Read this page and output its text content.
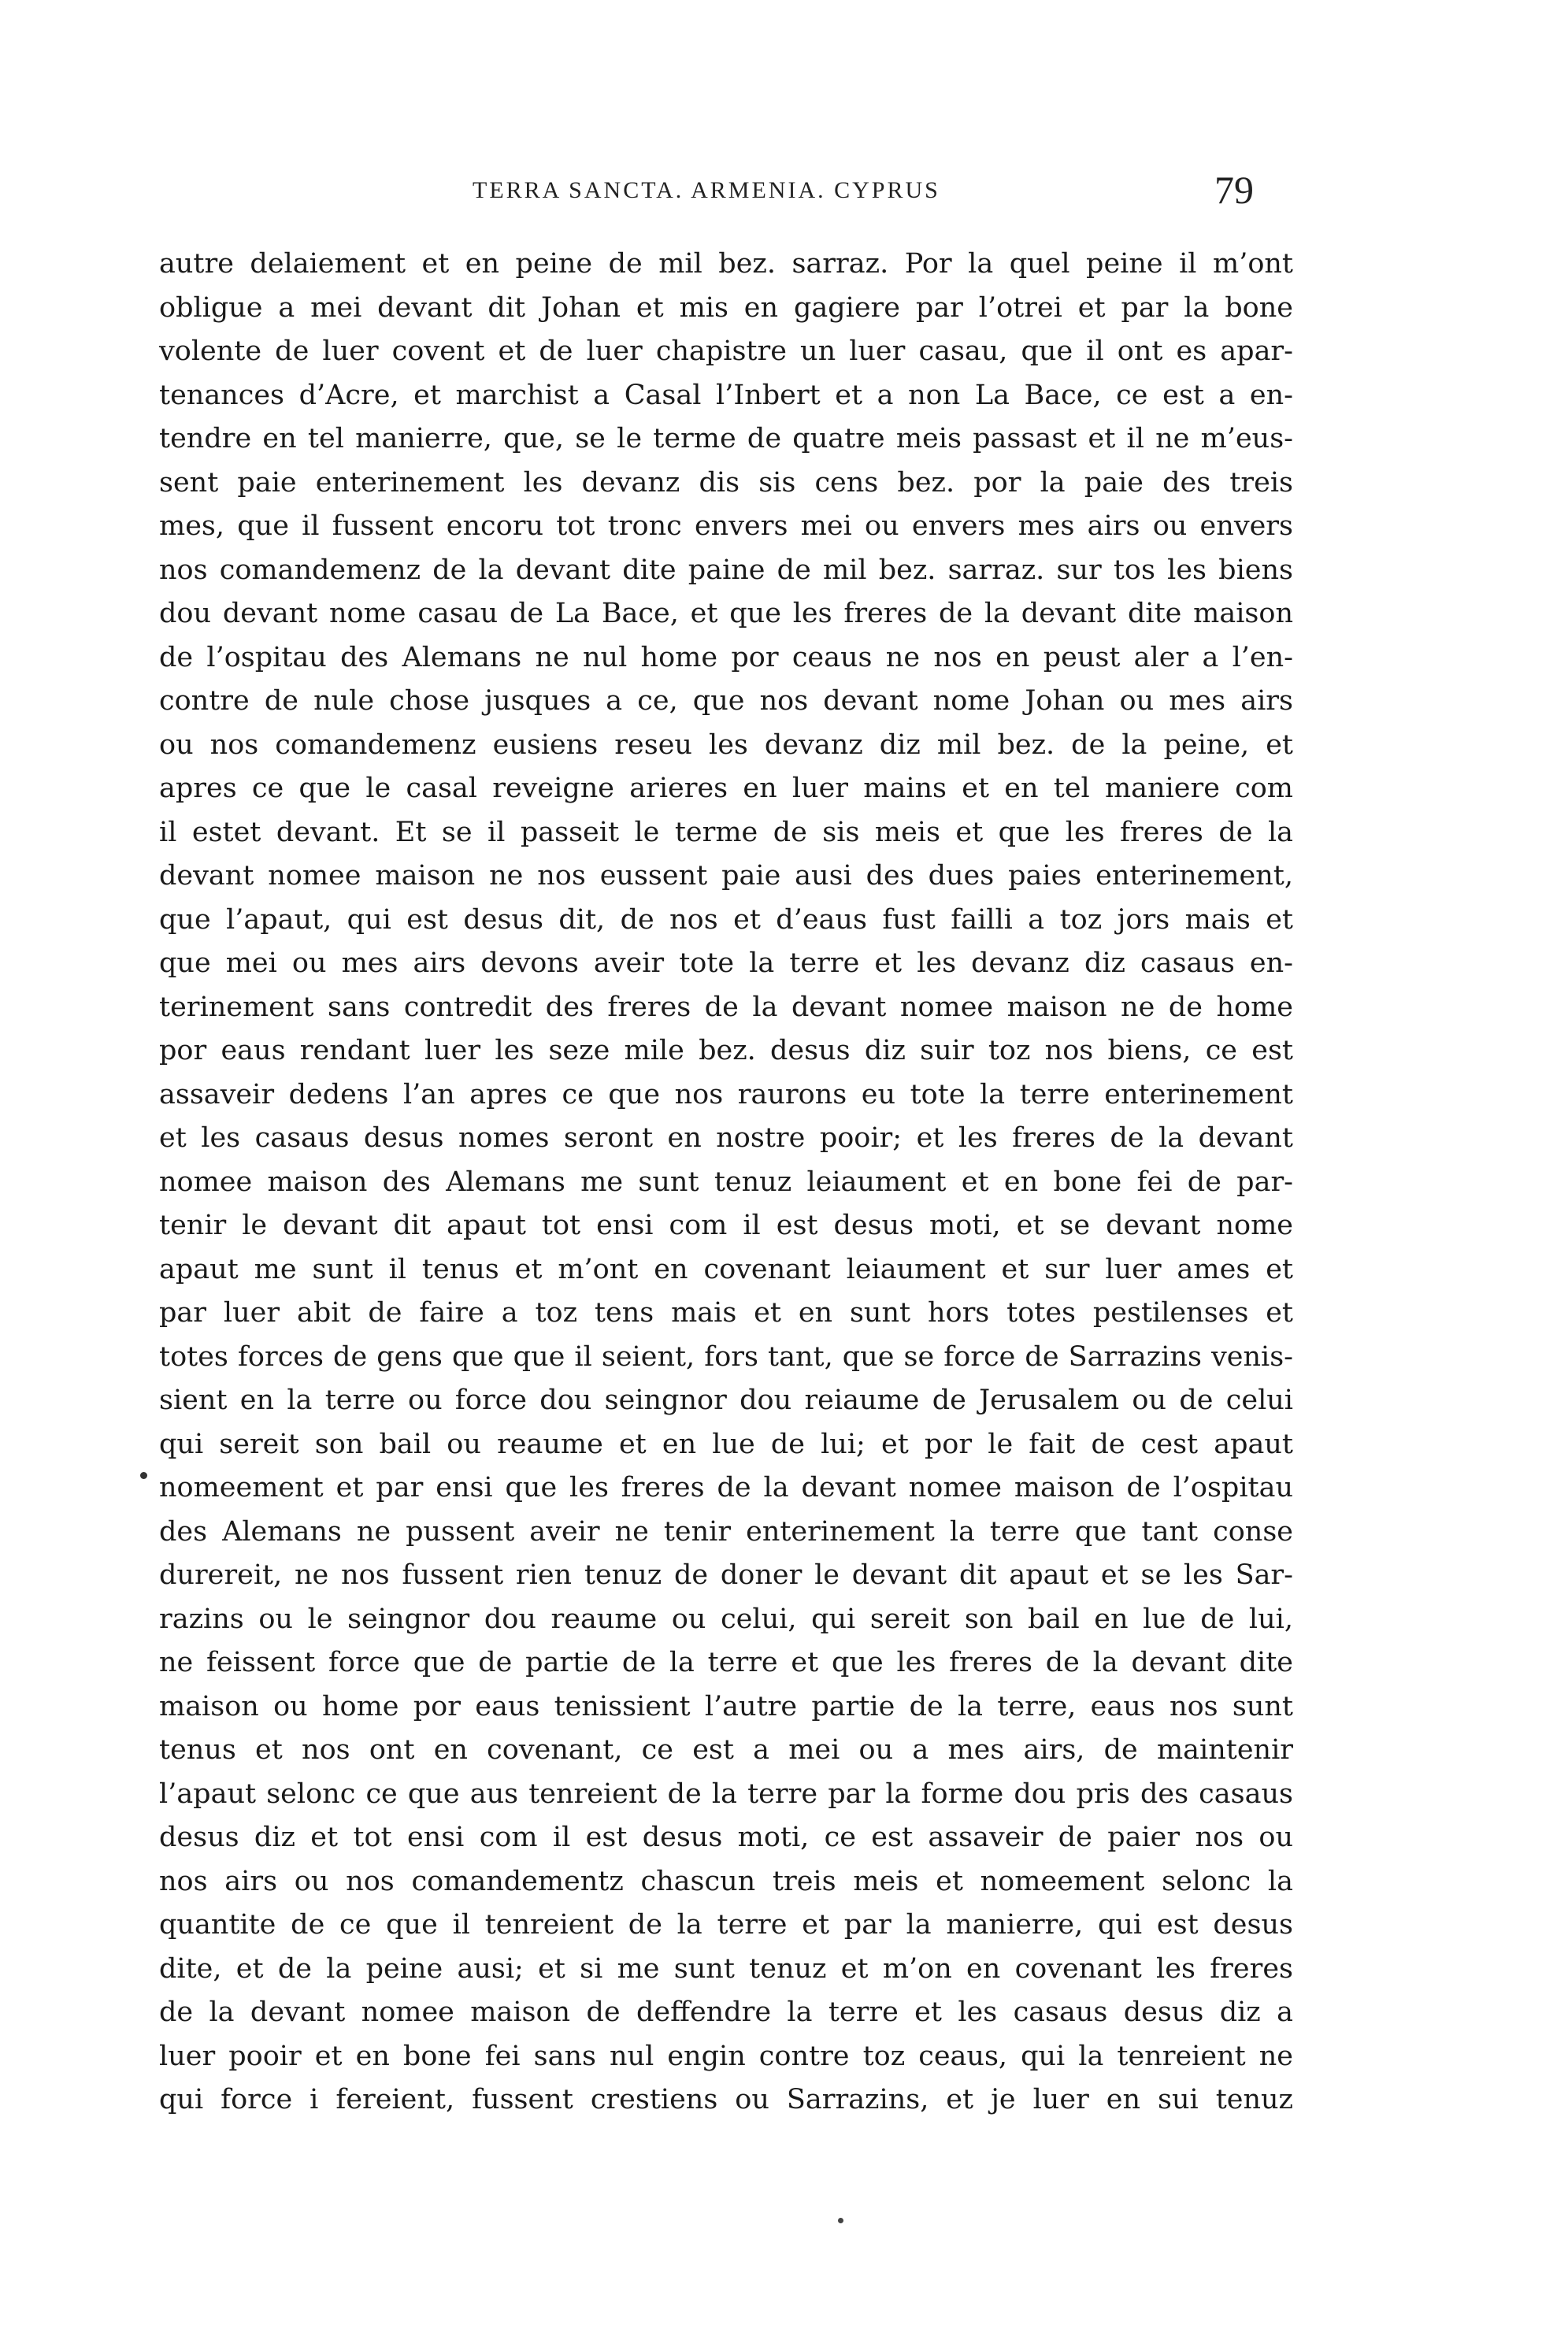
TERRA SANCTA. ARMENIA. CYPRUS	79
autre delaiement et en peine de mil bez. sarraz. Por la quel peine il m’ont
obligue a mei devant dit Johan et mis en gagiere par l’otrei et par la bone
volente de luer covent et de luer chapistre un luer casau, que il ont es apar-
tenances d’Acre, et marchist a Casal l’Inbert et a non La Bace, ce est a en-
tendre en tel manierre, que, se le terme de quatre meis passast et il ne m’eus-
sent paie enterinement les devanz dis sis cens bez. por la paie des treis
mes, que il fussent encoru tot tronc envers mei ou envers mes airs ou envers
nos comandemenz de la devant dite paine de mil bez. sarraz. sur tos les biens
dou devant nome casau de La Bace, et que les freres de la devant dite maison
de l’ospitau des Alemans ne nul home por ceaus ne nos en peust aler a l’en-
contre de nule chose jusques a ce, que nos devant nome Johan ou mes airs
ou nos comandemenz eusiens reseu les devanz diz mil bez. de la peine, et
apres ce que le casal reveigne arieres en luer mains et en tel maniere com
il estet devant. Et se il passeit le terme de sis meis et que les freres de la
devant nomee maison ne nos eussent paie ausi des dues paies enterinement,
que l’apaut, qui est desus dit, de nos et d’eaus fust failli a toz jors mais et
que mei ou mes airs devons aveir tote la terre et les devanz diz casaus en-
terinement sans contredit des freres de la devant nomee maison ne de home
por eaus rendant luer les seze mile bez. desus diz suir toz nos biens, ce est
assaveir dedens l’an apres ce que nos raurons eu tote la terre enterinement
et les casaus desus nomes seront en nostre pooir; et les freres de la devant
nomee maison des Alemans me sunt tenuz leiaument et en bone fei de par-
tenir le devant dit apaut tot ensi com il est desus moti, et se devant nome
apaut me sunt il tenus et m’ont en covenant leiaument et sur luer ames et
par luer abit de faire a toz tens mais et en sunt hors totes pestilenses et
totes forces de gens que que il seient, fors tant, que se force de Sarrazins venis-
sient en la terre ou force dou seingnor dou reiaume de Jerusalem ou de celui
qui sereit son bail ou reaume et en lue de lui; et por le fait de cest apaut
nomeement et par ensi que les freres de la devant nomee maison de l’ospitau
des Alemans ne pussent aveir ne tenir enterinement la terre que tant conse
durereit, ne nos fussent rien tenuz de doner le devant dit apaut et se les Sar-
razins ou le seingnor dou reaume ou celui, qui sereit son bail en lue de lui,
ne feissent force que de partie de la terre et que les freres de la devant dite
maison ou home por eaus tenissient l’autre partie de la terre, eaus nos sunt
tenus et nos ont en covenant, ce est a mei ou a mes airs, de maintenir
l’apaut selonc ce que aus tenreient de la terre par la forme dou pris des casaus
desus diz et tot ensi com il est desus moti, ce est assaveir de paier nos ou
nos airs ou nos comandementz chascun treis meis et nomeement selonc la
quantite de ce que il tenreient de la terre et par la manierre, qui est desus
dite, et de la peine ausi; et si me sunt tenuz et m’on en covenant les freres
de la devant nomee maison de deffendre la terre et les casaus desus diz a
luer pooir et en bone fei sans nul engin contre toz ceaus, qui la tenreient ne
qui force i fereient, fussent crestiens ou Sarrazins, et je luer en sui tenuz
